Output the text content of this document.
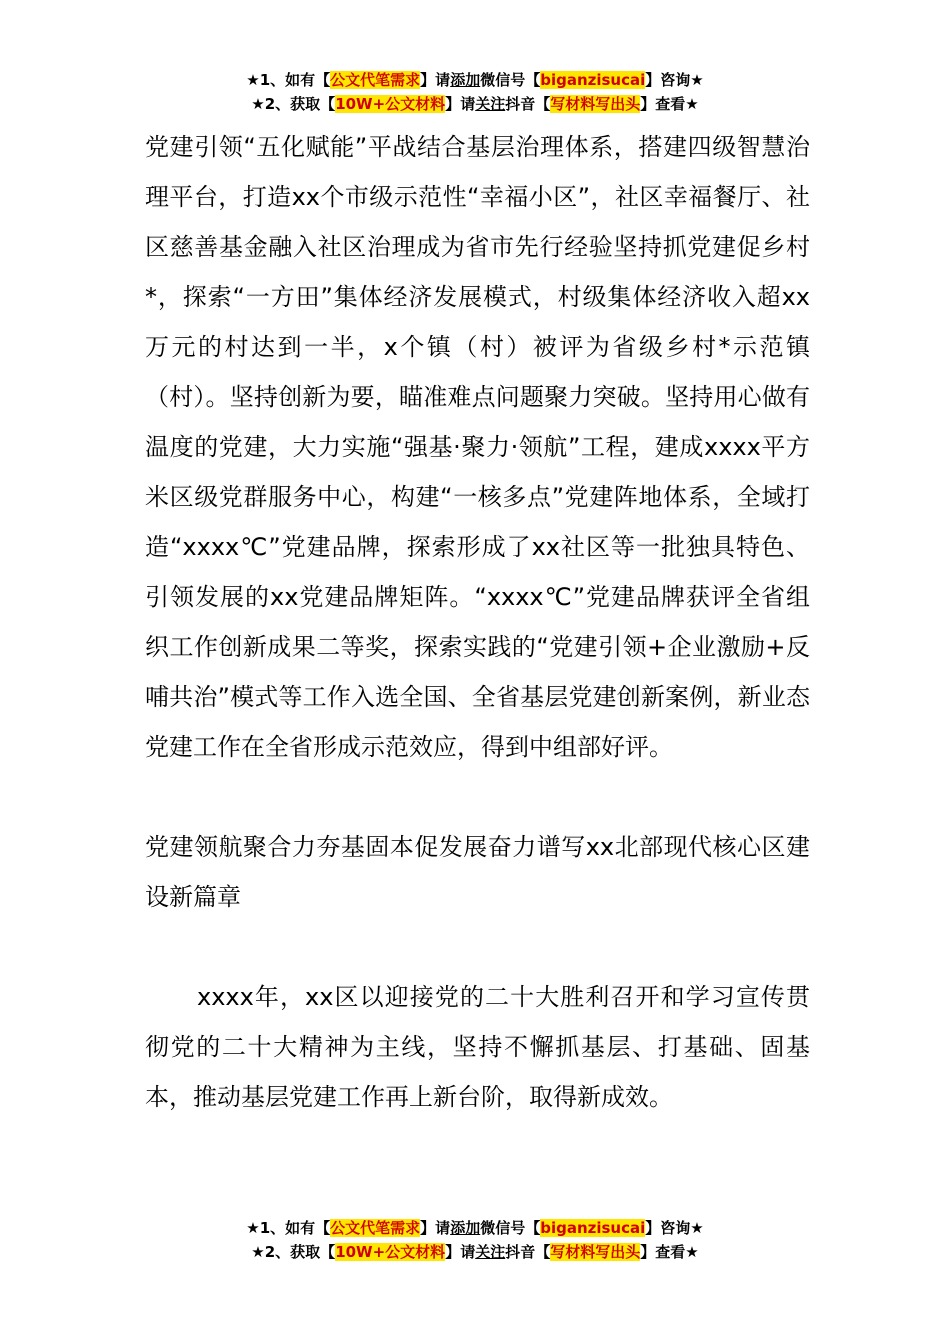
★1、如有【公文代笔需求】请添加微信号【biganzisucai】咨询★
★2、获取【10W+公文材料】请关注抖音【写材料写出头】查看★

党建引领“五化赋能”平战结合基层治理体系，搭建四级智慧治理平台，打造xx个市级示范性“幸福小区”，社区幸福餐厅、社区慈善基金融入社区治理成为省市先行经验坚持抓党建促乡村*，探索“一方田”集体经济发展模式，村级集体经济收入超xx万元的村达到一半，x个镇（村）被评为省级乡村*示范镇（村）。坚持创新为要，瞄准难点问题聚力突破。坚持用心做有温度的党建，大力实施“强基·聚力·领航”工程，建成xxxx平方米区级党群服务中心，构建“一核多点”党建阵地体系，全域打造“xxxx℃”党建品牌，探索形成了xx社区等一批独具特色、引领发展的xx党建品牌矩阵。“xxxx℃”党建品牌获评全省组织工作创新成果二等奖，探索实践的“党建引领+企业激励+反哺共治”模式等工作入选全国、全省基层党建创新案例，新业态党建工作在全省形成示范效应，得到中组部好评。

党建领航聚合力夯基固本促发展奋力谱写xx北部现代核心区建设新篇章

xxxx年，xx区以迎接党的二十大胜利召开和学习宣传贯彻党的二十大精神为主线，坚持不懈抓基层、打基础、固基本，推动基层党建工作再上新台阶，取得新成效。

★1、如有【公文代笔需求】请添加微信号【biganzisucai】咨询★
★2、获取【10W+公文材料】请关注抖音【写材料写出头】查看★
